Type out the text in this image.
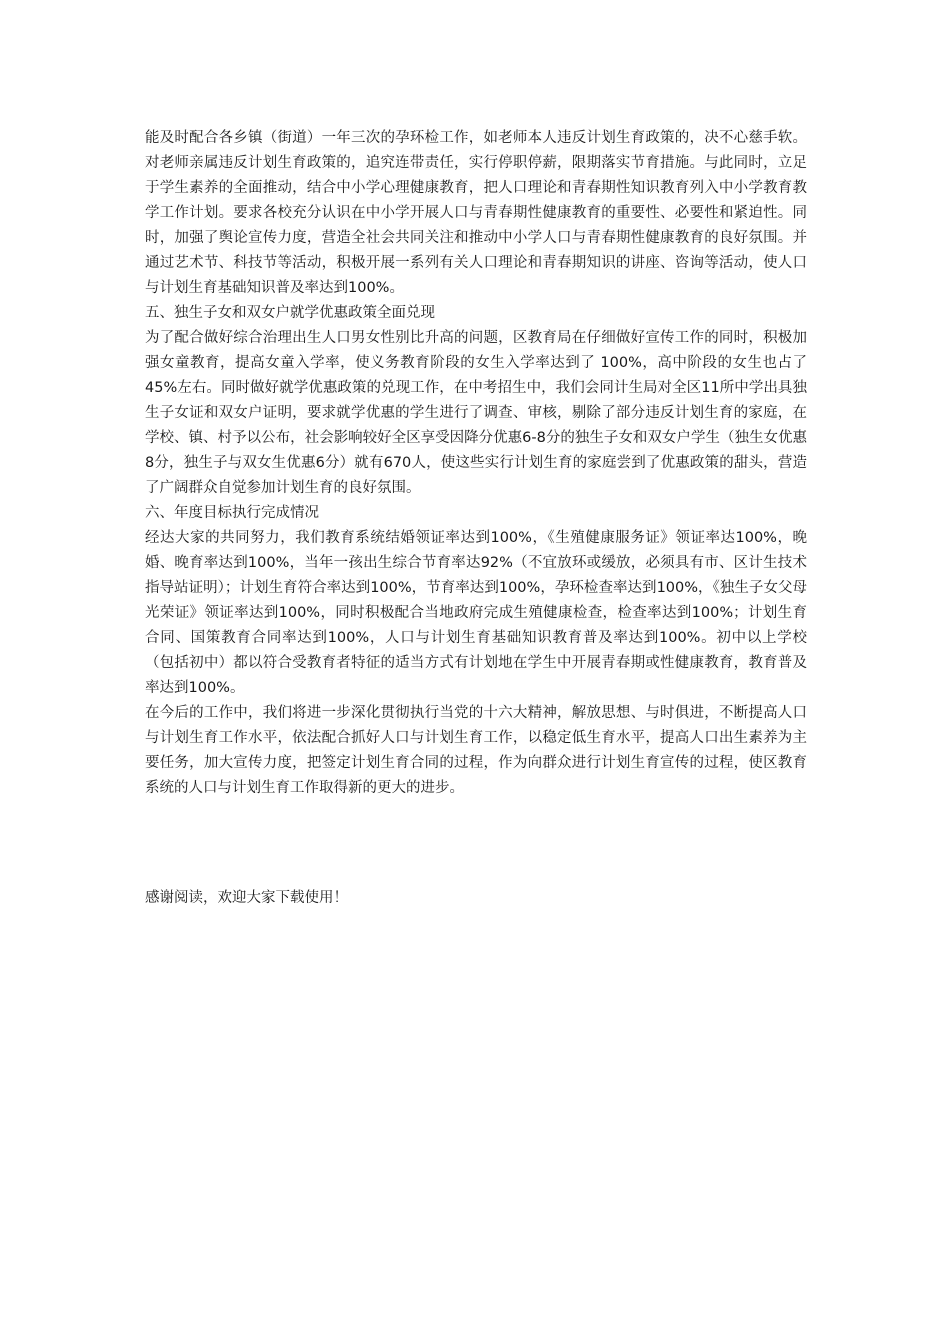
能及时配合各乡镇（街道）一年三次的孕环检工作，如老师本人违反计划生育政策的，决不心慈手软。对老师亲属违反计划生育政策的，追究连带责任，实行停职停薪，限期落实节育措施。与此同时，立足于学生素养的全面推动，结合中小学心理健康教育，把人口理论和青春期性知识教育列入中小学教育教学工作计划。要求各校充分认识在中小学开展人口与青春期性健康教育的重要性、必要性和紧迫性。同时，加强了舆论宣传力度，营造全社会共同关注和推动中小学人口与青春期性健康教育的良好氛围。并通过艺术节、科技节等活动，积极开展一系列有关人口理论和青春期知识的讲座、咨询等活动，使人口与计划生育基础知识普及率达到100%。

五、独生子女和双女户就学优惠政策全面兑现

为了配合做好综合治理出生人口男女性别比升高的问题，区教育局在仔细做好宣传工作的同时，积极加强女童教育，提高女童入学率，使义务教育阶段的女生入学率达到了 100%，高中阶段的女生也占了45%左右。同时做好就学优惠政策的兑现工作，在中考招生中，我们会同计生局对全区11所中学出具独生子女证和双女户证明，要求就学优惠的学生进行了调查、审核，剔除了部分违反计划生育的家庭，在学校、镇、村予以公布，社会影响较好全区享受因降分优惠6-8分的独生子女和双女户学生（独生女优惠8分，独生子与双女生优惠6分）就有670人，使这些实行计划生育的家庭尝到了优惠政策的甜头，营造了广阔群众自觉参加计划生育的良好氛围。

六、年度目标执行完成情况

经达大家的共同努力，我们教育系统结婚领证率达到100%，《生殖健康服务证》领证率达100%，晚婚、晚育率达到100%，当年一孩出生综合节育率达92%（不宜放环或缓放，必须具有市、区计生技术指导站证明）；计划生育符合率达到100%，节育率达到100%，孕环检查率达到100%，《独生子女父母光荣证》领证率达到100%，同时积极配合当地政府完成生殖健康检查，检查率达到100%；计划生育合同、国策教育合同率达到100%，人口与计划生育基础知识教育普及率达到100%。初中以上学校（包括初中）都以符合受教育者特征的适当方式有计划地在学生中开展青春期或性健康教育，教育普及率达到100%。

在今后的工作中，我们将进一步深化贯彻执行当党的十六大精神，解放思想、与时俱进，不断提高人口与计划生育工作水平，依法配合抓好人口与计划生育工作，以稳定低生育水平，提高人口出生素养为主要任务，加大宣传力度，把签定计划生育合同的过程，作为向群众进行计划生育宣传的过程，使区教育系统的人口与计划生育工作取得新的更大的进步。

感谢阅读，欢迎大家下载使用！
